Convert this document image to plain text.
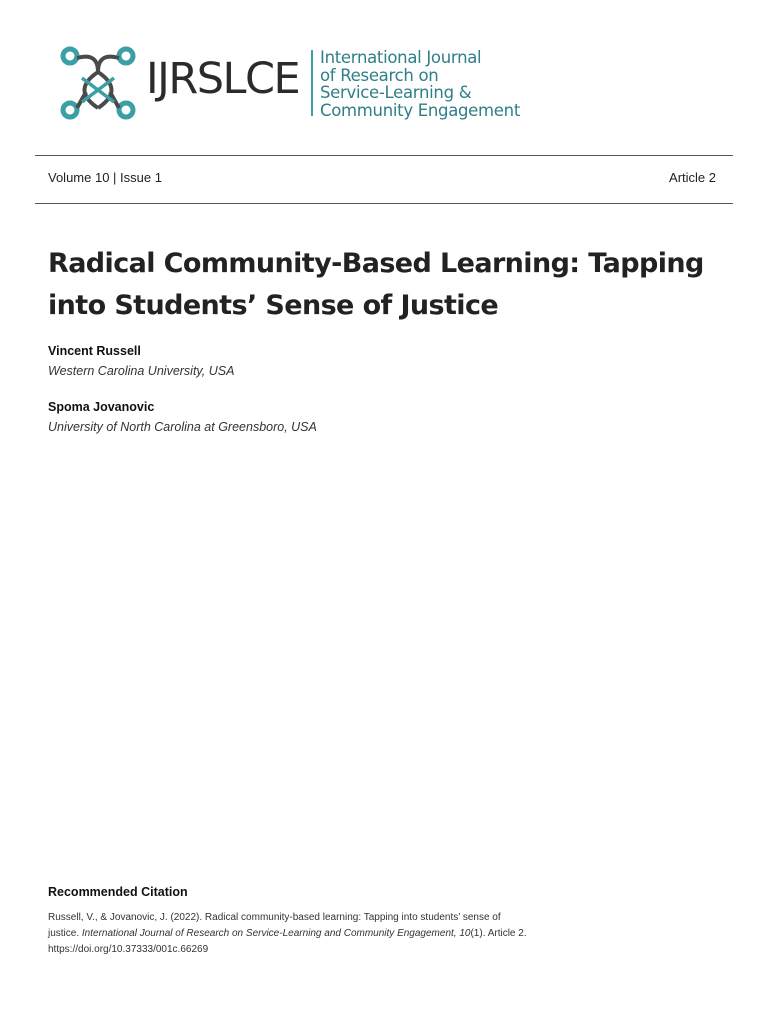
IJRSLCE International Journal
of Research on
Service-Learning &
Community Engagement
Volume 10 | Issue 1	Article 2
Radical Community-Based Learning: Tapping into Students’ Sense of Justice
Vincent Russell
Western Carolina University, USA
Spoma Jovanovic
University of North Carolina at Greensboro, USA
Recommended Citation
Russell, V., & Jovanovic, J. (2022). Radical community-based learning: Tapping into students’ sense of justice. International Journal of Research on Service-Learning and Community Engagement, 10(1). Article 2. https://doi.org/10.37333/001c.66269
